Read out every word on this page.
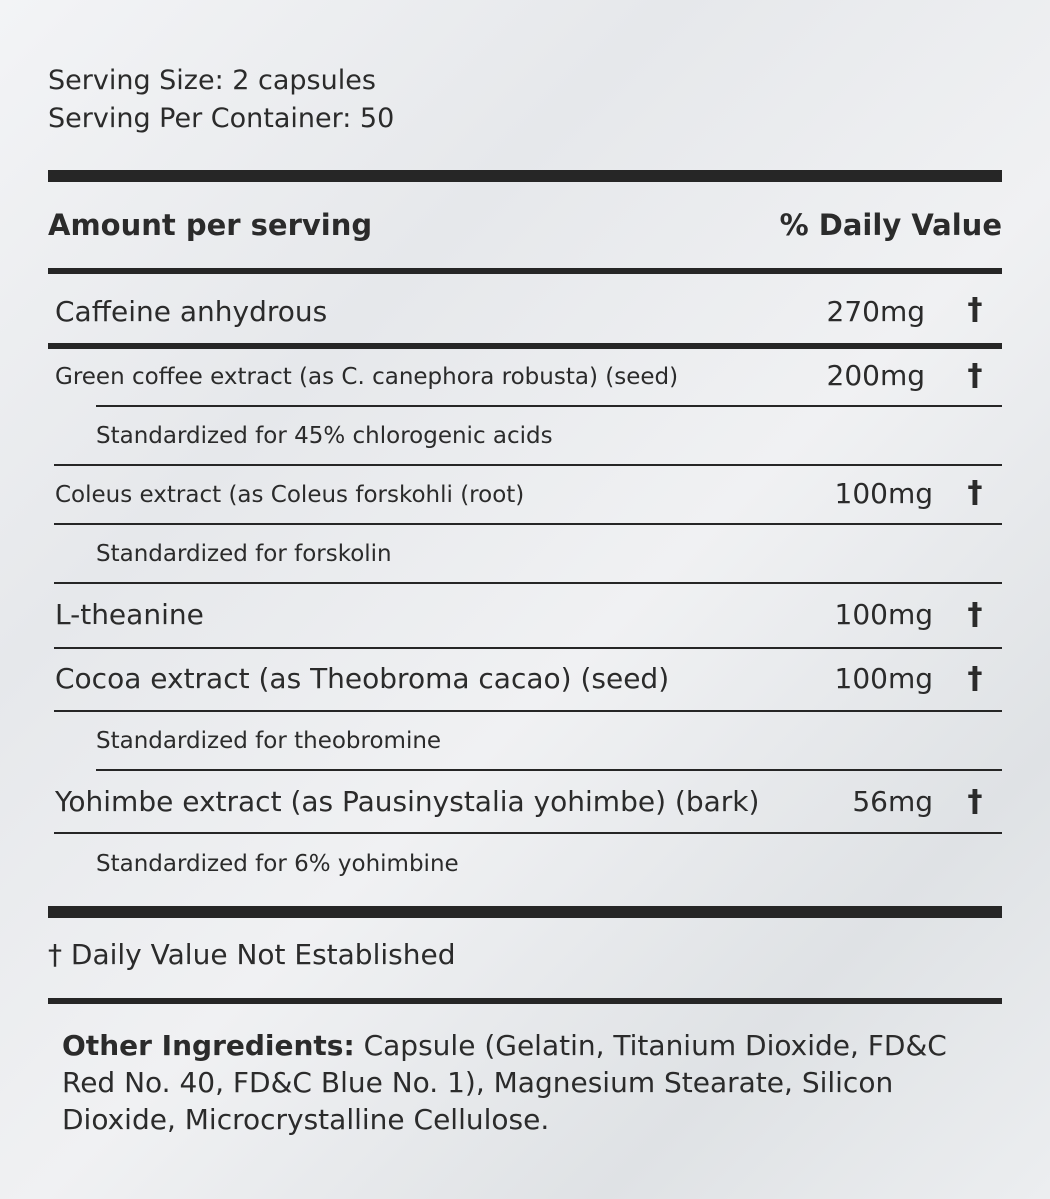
Serving Size: 2 capsules
Serving Per Container: 50
Amount per serving	% Daily Value
Caffeine anhydrous	270mg †
Green coffee extract (as C. canephora robusta) (seed)	200mg †
Standardized for 45% chlorogenic acids
Coleus extract (as Coleus forskohli (root)	100mg †
Standardized for forskolin
L-theanine	100mg †
Cocoa extract (as Theobroma cacao) (seed)	100mg †
Standardized for theobromine
Yohimbe extract (as Pausinystalia yohimbe) (bark)	56mg †
Standardized for 6% yohimbine
† Daily Value Not Established
Other Ingredients: Capsule (Gelatin, Titanium Dioxide, FD&C Red No. 40, FD&C Blue No. 1), Magnesium Stearate, Silicon Dioxide, Microcrystalline Cellulose.
